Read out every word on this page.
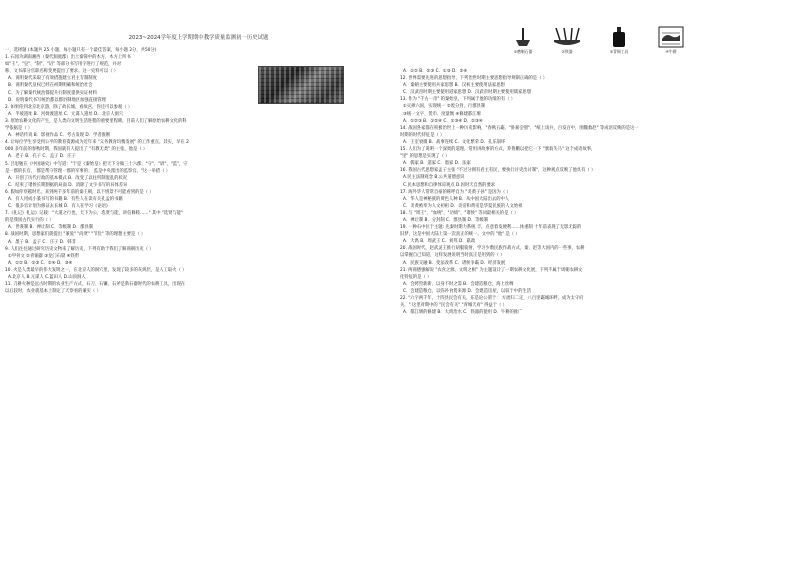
2023~2024学年度上学期期中教学质量监测初一历史试题
一、选择题 (本题共 25 小题，每小题只有一个最佳答案，每小题 2分，共50分)
1. 石园为湖南湘西（秦代洞庭郡）出土秦简中的木方，木方上所书
如"王"、"皇"、"制"、"诏" 等部分书写用字进行了规范，并对
称、文书部分官职名称变更提出了要求。这一史料可以（ ）
A．说明秦代采取了有效措施建立君主专制制度
B．说明秦代皇权已经在初期明确和统治社会
C．为了解秦代统治都提升行制度提供实证材料
D．说明秦代书写统治都以郡县制地区加强直接管理
2. 如果你到北京北京游，除了故长城，看故宫，你还可以参观（ ）
A．半坡遗址 B．河姆渡遗址 C．元谋人遗址 D．北京人洞穴
3. 原始农耕文化的产生，是人类向文明生活进程的重要里程碑，目前人们了解原始农耕文化的科
学依据是（ ）
A．神话传说 B．影视作品 C．考古发现 D．学者推断
4. 让每位学生享受到公平的教育资源成为近年来 "义务教育均衡发展" 的工作重点。其实，早在 2
000 多年前的春秋时期，我国就有人提出了 "有教无类" 的主张，他是（ ）
A．老子 B．孔子 C．孟子 D．庄子
5. 吕思勉在《中国通史》中写道："于是《秦始皇》把天下分做三十六郡，"守"，"尉"，"监"，守
是一郡的长官， 郡是帮守管理一郡的军事的； 监是中央派出的监察官。"这一举措（ ）
A．开创了历代行政的基本模式 B．改变了以往所制混乱的状况
C．结束了诸侯长期割据的局面 D．消除了文字书写的异体差异
6. 假如你穿越时光，来到两千多年前的秦王朝，以下情景不可能看到的是（ ）
A．有人用成小篆书写的书籍 B．有些人在读有关孔孟的书籍
C．很多官计划为修证去长城 D．有人在学习《论语》
7.《礼记》礼运》记载："大道之行也，天下为公，选贤与能，讲信修睦……" 其中 "选贤与能"
的是我国古代实行的（ ）
A．世袭制 B．禅让制 C．等级制 D．郡县制
8. 战国时期，思想家们就提出 "兼爱" "尚贤" "节俭" 等的理想主要是（ ）
A．墨子 B．孟子 C．庄子 D．韩非
9. 人们往往通过研究历史文物来了解历史，下列有助于我们了解商朝历史（ ）
①甲骨文 ②青铜器 ③龙门石窟 ④铁犁
A．①② B．①③ C．②④ D．③④
10. 火是人类最早的伟大发明之一，在北京人的洞穴里，发现了较多的灰烬层，是人工取火（ ）
A.北京人 B.元谋人 C.蓝田人 D.山顶洞人
11. 刀耕火种是远古时期的农业生产方式，石刀、石镰、石斧是新石器时代的农耕工具，出现在
以后较时，农业就基本上制定了天察看的兼实（ ）
①磨制石器	②铁器	③青铜工具	④牛耕
A．①② B．②③ C．①③ D．②④
12. 世界需要先进的思想指导，下列治世时期主要思想指导规制正确的是（ ）
A．秦朝主要使用兵家思想 B．汉初主要使用法家思想
C．汉武帝时期主要使用道家思想 D．汉武帝时期主要使用儒家思想
13. 作为 "千古一帝" 的秦始皇，下列属于他的功绩的有（ ）
①灭掉六国，实现统一 ②废分封，行郡县制
③统一文字、货币、度量衡 ④修建都江堰
A．①②③ B．①②④ C．①③④ D．②③④
14. 战国各家都在积极治世上一种历史影响，"春秋五霸，"卧薪尝胆"，"纸上谈兵，百发百中，围魏救赵" 等成语反映的是这一
时期的时代特征是（ ）
A．王室衰微 B．战事连续 C．文化繁荣 D．孔乐崩坏
15. 人们为了说明一个深奥的道理，常用讲故事的方式，乔鲁鹏以把它一下 "塞翁失马" 这个成语故事，
"里" 的思想是实现了（ ）
A．儒家 B．道家 C．墨家 D．法家
16. 我国古代思想家孟子主张 "不过分拥有君主有民，要执行讨吏出讨制"，这种观点反映了他具有（ ）
A.民主法制观念 B.公共道德意识
C.民本思想和自律体谅观点 D.因时天自然的要求
17. 海外华人常常自豪的称呼自为 "炎黄子孙" 是因为（ ）
A．华人是神秘族的黄色人种 B．从中国大陆出去的中人
C．炎黄被奉为人文初祖 D．炎帝和黄帝是华夏民族的人文始祖
18. 与 "周王"、"血统"、"功绩"、"诸侯" 等词最相关的是（ ）
A．禅让制 B．分封制 C．郡县制 D．等级制
19. 一种石中位于主题: 先秦时期力系统 丰，点意着发便利……体重制 十年前表现了无影无踪的
旧梦，这是中国大陆上第一次真正的统一。文中的 "他" 是（ ）
A．大禹 B．周武王 C．刘邦 D．嬴政
20. 战国时代，赵武灵王推行胡服骑射，学习少数民族作战方式，秦、赵等大国内的一些事，农耕
以掌握自己知道，这样发展说明当时真正是用到的（ ）
A．民族交融 B．变法改革 C．诸侯争霸 D．经济发展
21. 两商德强解说 "农食之源，文明之根" 为主题设计了一期农耕文化展，下列不属于周朝农耕文
化特征的是（ ）
A．会烤狩新新，以身不时之需 B．会建造粮仓，海上丝绸
C．会建造粮仓，以弥补食货来源 D．会建造房屋，以驭于中的生活
22. "六字两千年，十四县民会有关，东是论公谓于： 方流归二定，八百里霸城环畔，成为太守府
关，" 这里对期中的 "民会有关" "青城天府" 得益于（ ）
A．都江堰的修建 B．大禹治水 C．铁器的使用 D．牛耕的推广
